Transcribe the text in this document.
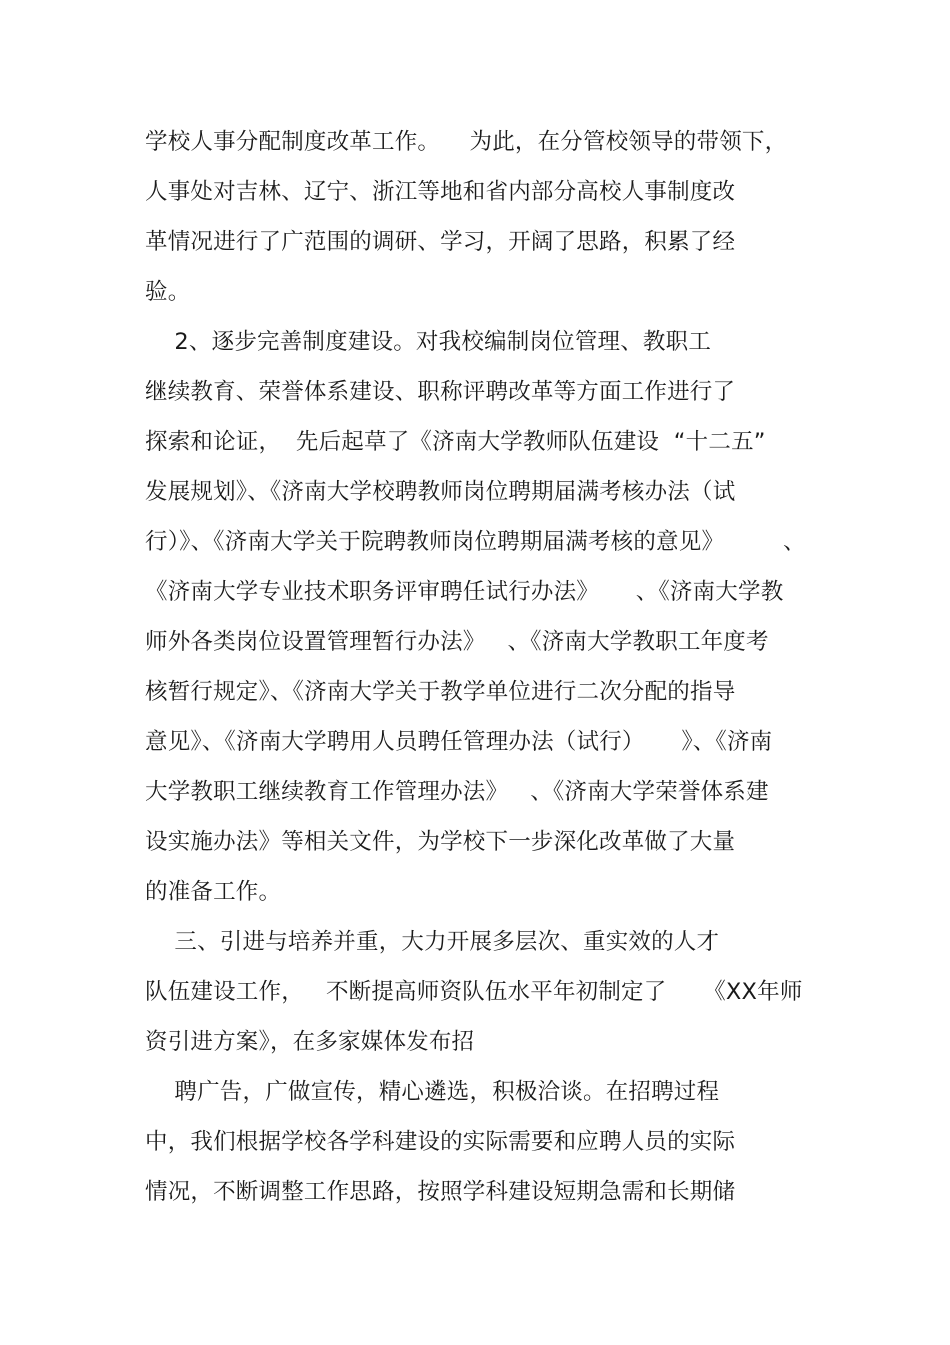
学校人事分配制度改革工作。    为此，在分管校领导的带领下，
人事处对吉林、辽宁、浙江等地和省内部分高校人事制度改
革情况进行了广范围的调研、学习，开阔了思路，积累了经
验。
2、逐步完善制度建设。对我校编制岗位管理、教职工
继续教育、荣誉体系建设、职称评聘改革等方面工作进行了
探索和论证，  先后起草了《济南大学教师队伍建设  “十二五”
发展规划》、《济南大学校聘教师岗位聘期届满考核办法（试
行）》、《济南大学关于院聘教师岗位聘期届满考核的意见》        、
《济南大学专业技术职务评审聘任试行办法》     、《济南大学教
师外各类岗位设置管理暂行办法》   、《济南大学教职工年度考
核暂行规定》、《济南大学关于教学单位进行二次分配的指导
意见》、《济南大学聘用人员聘任管理办法（试行）     》、《济南
大学教职工继续教育工作管理办法》   、《济南大学荣誉体系建
设实施办法》等相关文件，为学校下一步深化改革做了大量
的准备工作。
三、引进与培养并重，大力开展多层次、重实效的人才
队伍建设工作，   不断提高师资队伍水平年初制定了     《XX年师
资引进方案》，在多家媒体发布招
聘广告，广做宣传，精心遴选，积极洽谈。在招聘过程
中，我们根据学校各学科建设的实际需要和应聘人员的实际
情况，不断调整工作思路，按照学科建设短期急需和长期储
